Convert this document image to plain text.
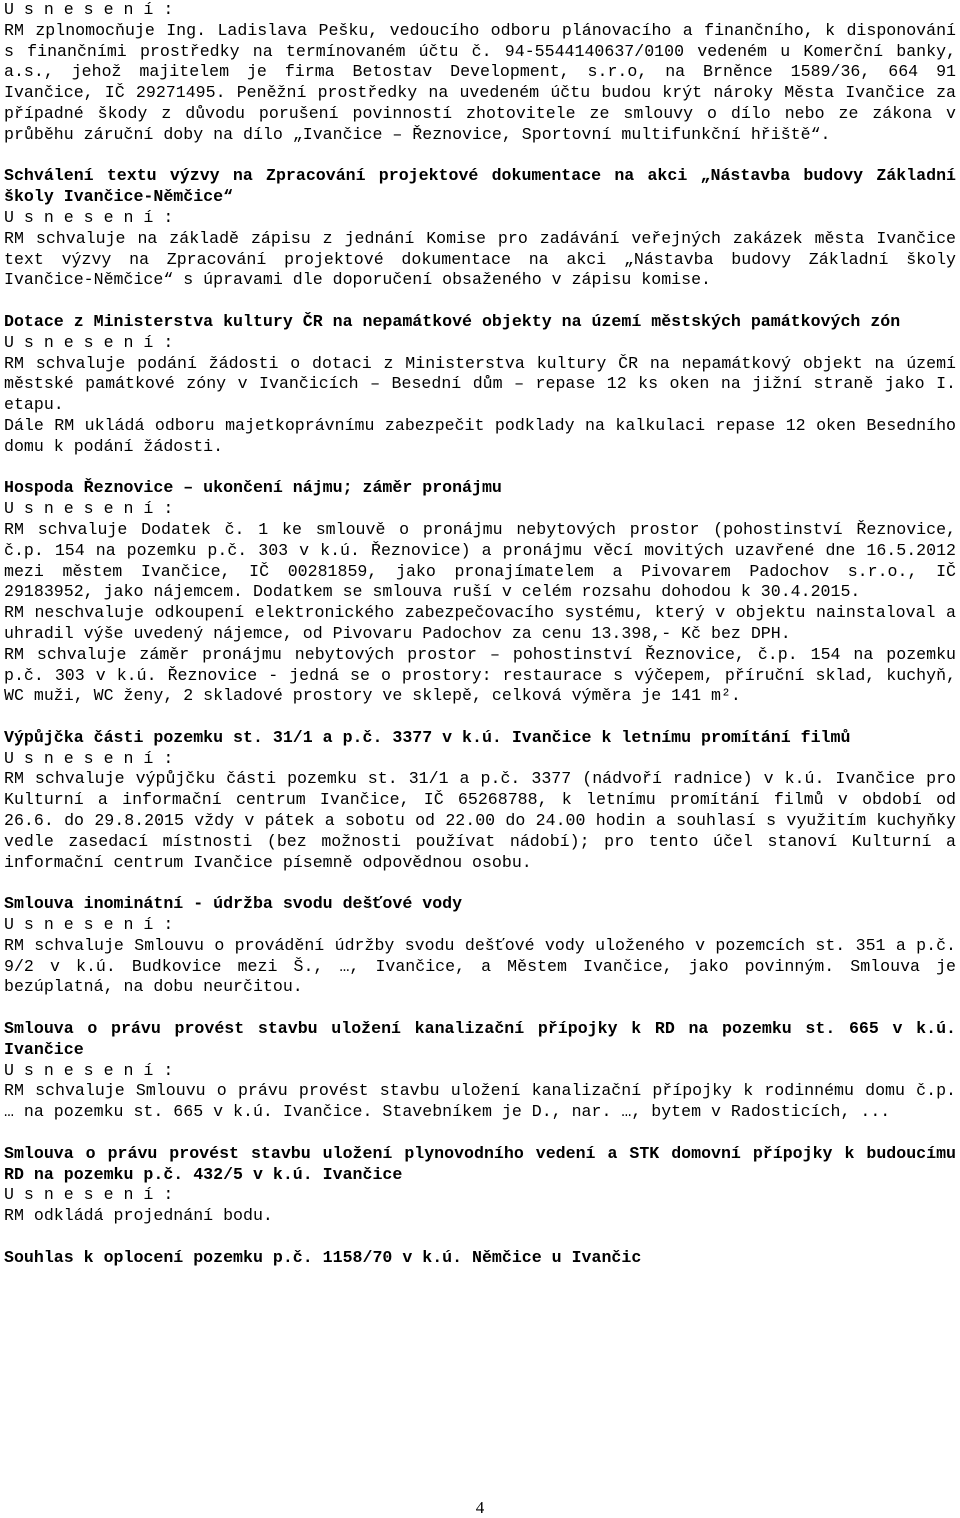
U s n e s e n í :

RM zplnomocňuje Ing. Ladislava Pešku, vedoucího odboru plánovacího a finančního, k disponování s finančními prostředky na termínovaném účtu č. 94-5544140637/0100 vedeném u Komerční banky, a.s., jehož majitelem je firma Betostav Development, s.r.o, na Brněnce 1589/36, 664 91 Ivančice, IČ 29271495. Peněžní prostředky na uvedeném účtu budou krýt nároky Města Ivančice za případné škody z důvodu porušení povinností zhotovitele ze smlouvy o dílo nebo ze zákona v průběhu záruční doby na dílo „Ivančice – Řeznovice, Sportovní multifunkční hřiště“.

Schválení textu výzvy na Zpracování projektové dokumentace na akci „Nástavba budovy Základní školy Ivančice-Němčice“

U s n e s e n í :

RM schvaluje na základě zápisu z jednání Komise pro zadávání veřejných zakázek města Ivančice text výzvy na Zpracování projektové dokumentace na akci „Nástavba budovy Základní školy Ivančice-Němčice“ s úpravami dle doporučení obsaženého v zápisu komise.

Dotace z Ministerstva kultury ČR na nepamátkové objekty na území městských památkových zón

U s n e s e n í :

RM schvaluje podání žádosti o dotaci z Ministerstva kultury ČR na nepamátkový objekt na území městské památkové zóny v Ivančicích – Besední dům – repase 12 ks oken na jižní straně jako I. etapu.

Dále RM ukládá odboru majetkoprávnímu zabezpečit podklady na kalkulaci repase 12 oken Besedního domu k podání žádosti.

Hospoda Řeznovice – ukončení nájmu; záměr pronájmu

U s n e s e n í :

RM schvaluje Dodatek č. 1 ke smlouvě o pronájmu nebytových prostor (pohostinství Řeznovice, č.p. 154 na pozemku p.č. 303 v k.ú. Řeznovice) a pronájmu věcí movitých uzavřené dne 16.5.2012 mezi městem Ivančice, IČ 00281859, jako pronajímatelem a Pivovarem Padochov s.r.o., IČ 29183952, jako nájemcem. Dodatkem se smlouva ruší v celém rozsahu dohodou k 30.4.2015.

RM neschvaluje odkoupení elektronického zabezpečovacího systému, který v objektu nainstaloval a uhradil výše uvedený nájemce, od Pivovaru Padochov za cenu 13.398,- Kč bez DPH.

RM schvaluje záměr pronájmu nebytových prostor – pohostinství Řeznovice, č.p. 154 na pozemku p.č. 303 v k.ú. Řeznovice - jedná se o prostory: restaurace s výčepem, příruční sklad, kuchyň, WC muži, WC ženy, 2 skladové prostory ve sklepě, celková výměra je 141 m².

Výpůjčka části pozemku st. 31/1 a p.č. 3377 v k.ú. Ivančice k letnímu promítání filmů

U s n e s e n í :

RM schvaluje výpůjčku části pozemku st. 31/1 a p.č. 3377 (nádvoří radnice) v k.ú. Ivančice pro Kulturní a informační centrum Ivančice, IČ 65268788, k letnímu promítání filmů v období od 26.6. do 29.8.2015 vždy v pátek a sobotu od 22.00 do 24.00 hodin a souhlasí s využitím kuchyňky vedle zasedací místnosti (bez možnosti používat nádobí); pro tento účel stanoví Kulturní a informační centrum Ivančice písemně odpovědnou osobu.

Smlouva inominátní - údržba svodu dešťové vody

U s n e s e n í :

RM schvaluje Smlouvu o provádění údržby svodu dešťové vody uloženého v pozemcích st. 351 a p.č. 9/2 v k.ú. Budkovice mezi Š., …, Ivančice, a Městem Ivančice, jako povinným. Smlouva je bezúplatná, na dobu neurčitou.

Smlouva o právu provést stavbu uložení kanalizační přípojky k RD na pozemku st. 665 v k.ú. Ivančice

U s n e s e n í :

RM schvaluje Smlouvu o právu provést stavbu uložení kanalizační přípojky k rodinnému domu č.p. … na pozemku st. 665 v k.ú. Ivančice. Stavebníkem je D., nar. …, bytem v Radosticích, ...

Smlouva o právu provést stavbu uložení plynovodního vedení a STK domovní přípojky k budoucímu RD na pozemku p.č. 432/5 v k.ú. Ivančice

U s n e s e n í :

RM odkládá projednání bodu.

Souhlas k oplocení pozemku p.č. 1158/70 v k.ú. Němčice u Ivančic

4
